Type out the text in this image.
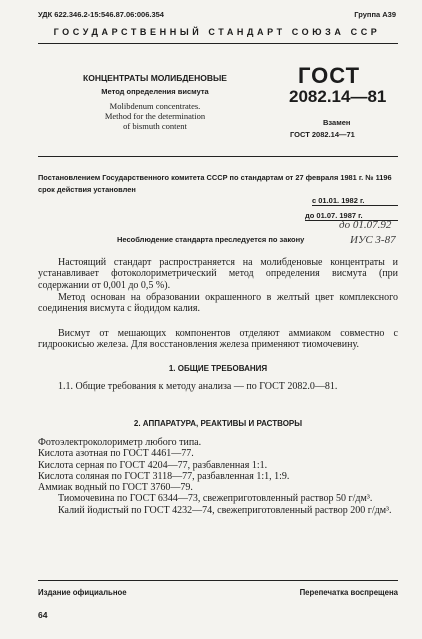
УДК 622.346.2-15:546.87.06:006.354	Группа А39
ГОСУДАРСТВЕННЫЙ СТАНДАРТ СОЮЗА ССР
КОНЦЕНТРАТЫ МОЛИБДЕНОВЫЕ
Метод определения висмута
Molibdenum concentrates.
Method for the determination
of bismuth content
ГОСТ
2082.14—81
Взамен
ГОСТ 2082.14—71
Постановлением Государственного комитета СССР по стандартам от 27 февраля 1981 г. № 1196 срок действия установлен
с 01.01. 1982 г.
до 01.07. 1987 г.
до 01.07.92
Несоблюдение стандарта преследуется по закону	ИУС 3-87

Настоящий стандарт распространяется на молибденовые концентраты и устанавливает фотоколориметрический метод определения висмута (при содержании от 0,001 до 0,5 %).

Метод основан на образовании окрашенного в желтый цвет комплексного соединения висмута с йодидом калия.

Висмут от мешающих компонентов отделяют аммиаком совместно с гидроокисью железа. Для восстановления железа применяют тиомочевину.

1. ОБЩИЕ ТРЕБОВАНИЯ

1.1. Общие требования к методу анализа — по ГОСТ 2082.0—81.

2. АППАРАТУРА, РЕАКТИВЫ И РАСТВОРЫ
Фотоэлектроколориметр любого типа.
Кислота азотная по ГОСТ 4461—77.
Кислота серная по ГОСТ 4204—77, разбавленная 1:1.
Кислота соляная по ГОСТ 3118—77, разбавленная 1:1, 1:9.
Аммиак водный по ГОСТ 3760—79.
Тиомочевина по ГОСТ 6344—73, свежеприготовленный раствор 50 г/дм³.
Калий йодистый по ГОСТ 4232—74, свежеприготовленный раствор 200 г/дм³.
Издание официальное	Перепечатка воспрещена
64
